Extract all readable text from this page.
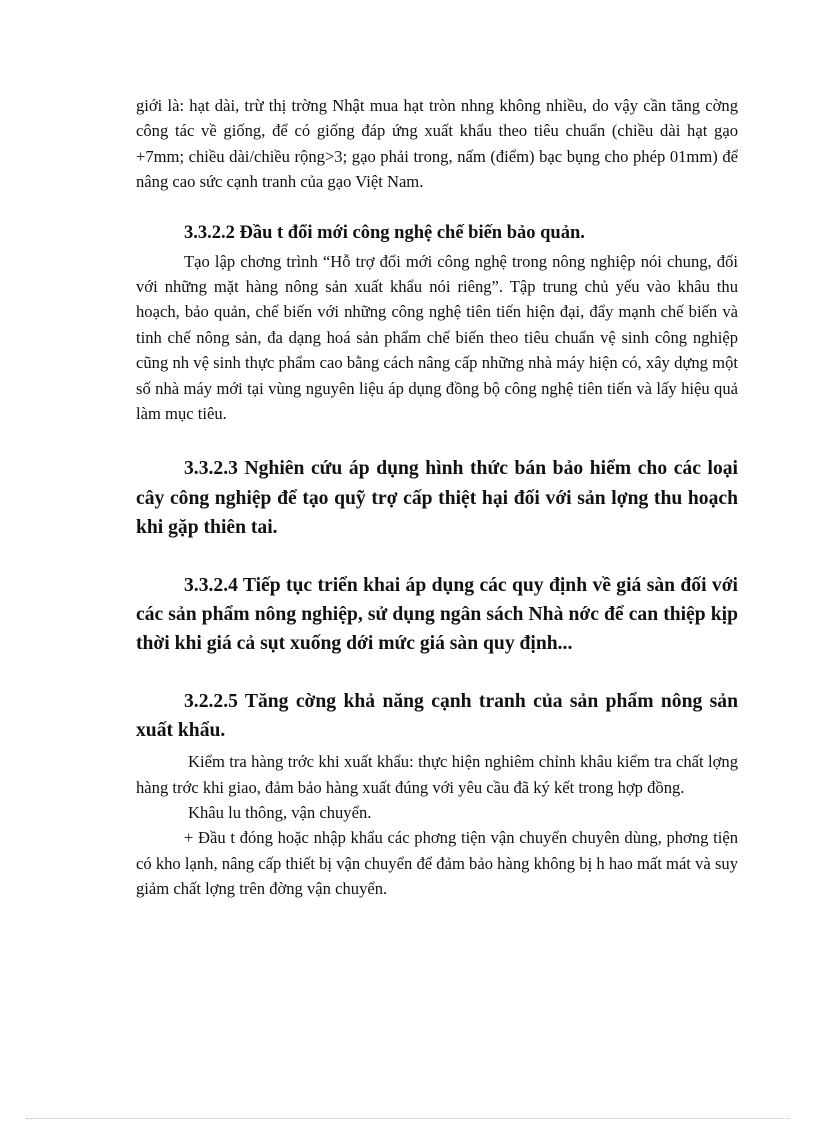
giới là: hạt dài, trừ thị trờng Nhật mua hạt tròn nhng không nhiều, do vậy cần tăng cờng công tác về giống, để có giống đáp ứng xuất khẩu theo tiêu chuẩn (chiều dài hạt gạo +7mm; chiều dài/chiều rộng>3; gạo phải trong, nấm (điểm) bạc bụng cho phép 01mm) để nâng cao sức cạnh tranh của gạo Việt Nam.

3.3.2.2 Đầu t đổi mới công nghệ chế biến bảo quản.

Tạo lập chơng trình “Hỗ trợ đổi mới công nghệ trong nông nghiệp nói chung, đối với những mặt hàng nông sản xuất khẩu nói riêng”. Tập trung chủ yếu vào khâu thu hoạch, bảo quản, chế biến với những công nghệ tiên tiến hiện đại, đẩy mạnh chế biến và tinh chế nông sản, đa dạng hoá sản phẩm chế biến theo tiêu chuẩn vệ sinh công nghiệp cũng nh vệ sinh thực phẩm cao bằng cách nâng cấp những nhà máy hiện có, xây dựng một số nhà máy mới tại vùng nguyên liệu áp dụng đồng bộ công nghệ tiên tiến và lấy hiệu quả làm mục tiêu.

3.3.2.3 Nghiên cứu áp dụng hình thức bán bảo hiểm cho các loại cây công nghiệp để tạo quỹ trợ cấp thiệt hại đối với sản lợng thu hoạch khi gặp thiên tai.

3.3.2.4 Tiếp tục triển khai áp dụng các quy định về giá sàn đối với các sản phẩm nông nghiệp, sử dụng ngân sách Nhà nớc để can thiệp kịp thời khi giá cả sụt xuống dới mức giá sàn quy định...

3.2.2.5 Tăng cờng khả năng cạnh tranh của sản phẩm nông sản xuất khẩu.

Kiểm tra hàng trớc khi xuất khẩu: thực hiện nghiêm chỉnh khâu kiểm tra chất lợng hàng trớc khi giao, đảm bảo hàng xuất đúng với yêu cầu đã ký kết trong hợp đồng.

Khâu lu thông, vận chuyển.

+ Đầu t đóng hoặc nhập khẩu các phơng tiện vận chuyển chuyên dùng, phơng tiện có kho lạnh, nâng cấp thiết bị vận chuyển để đảm bảo hàng không bị h hao mất mát và suy giảm chất lợng trên đờng vận chuyển.
